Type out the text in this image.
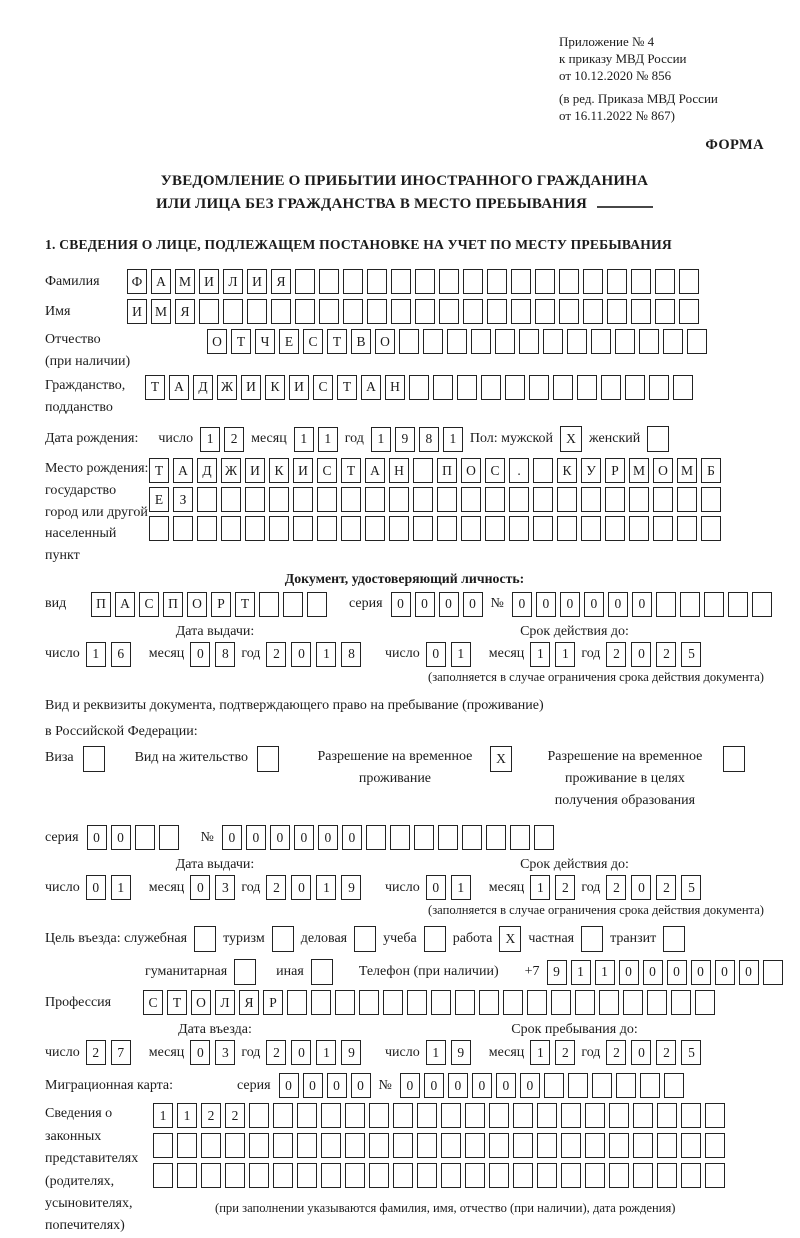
Приложение № 4
к приказу МВД России
от 10.12.2020 № 856
(в ред. Приказа МВД России
от 16.11.2022 № 867)
ФОРМА
УВЕДОМЛЕНИЕ О ПРИБЫТИИ ИНОСТРАННОГО ГРАЖДАНИНА
ИЛИ ЛИЦА БЕЗ ГРАЖДАНСТВА В МЕСТО ПРЕБЫВАНИЯ
1. СВЕДЕНИЯ О ЛИЦЕ, ПОДЛЕЖАЩЕМ ПОСТАНОВКЕ НА УЧЕТ ПО МЕСТУ ПРЕБЫВАНИЯ
Фамилия	Ф	А М И	Л	И	Я

Имя	И М Я

Отчество
(при наличии)
О	Т	Ч	Е	С	Т	В	О

Гражданство,
подданство
Т	А	Д Ж И	К	И	С	Т	А	Н

Дата рождения: число	1	2 месяц	1	1 год	1	9	8	1 Пол: мужской X женский

Место рождения:
государство
город или другой
населенный пункт
Т	А	Д Ж И	К	И	С	Т	А	Н
	П	О	С	.
	К	У	Р	М О М	Б
Е	З

Документ, удостоверяющий личность:
вид	П	А	С	П	О	Р	Т

	серия	0	0	0	0	№	0	0	0	0	0	0

Дата выдачи:
число 1	6	месяц 0	8 год 2	0	1	8
Срок действия до:
число 0	1	месяц 1	1 год 2	0	2	5
(заполняется в случае ограничения срока действия документа)
Вид и реквизиты документа, подтверждающего право на пребывание (проживание)
в Российской Федерации:
Виза
	Вид на жительство
	Разрешение на временное проживание
X	Разрешение на временное проживание в целях получения образования

серия	0	0

	№	0	0	0	0	0	0

Дата выдачи:
число 0	1	месяц 0	3 год 2	0	1	9
Срок действия до:
число 0	1	месяц 1	2 год 2	0	2	5
(заполняется в случае ограничения срока действия документа)
Цель въезда: служебная
	туризм
	деловая
	учеба
	работа X частная
	транзит

гуманитарная
	иная
	Телефон (при наличии) +7	9	1	1	0	0	0	0	0	0

Профессия	С	Т	О	Л	Я	Р

Дата въезда:
число 2	7	месяц 0	3 год 2	0	1	9
Срок пребывания до:
число 1	9	месяц 1	2 год 2	0	2	5
Миграционная карта:	серия	0	0	0	0	№	0	0	0	0	0	0

Сведения о
законных
представителях
(родителях,
усыновителях,
попечителях)
1	1	2	2

(при заполнении указываются фамилия, имя, отчество (при наличии), дата рождения)
